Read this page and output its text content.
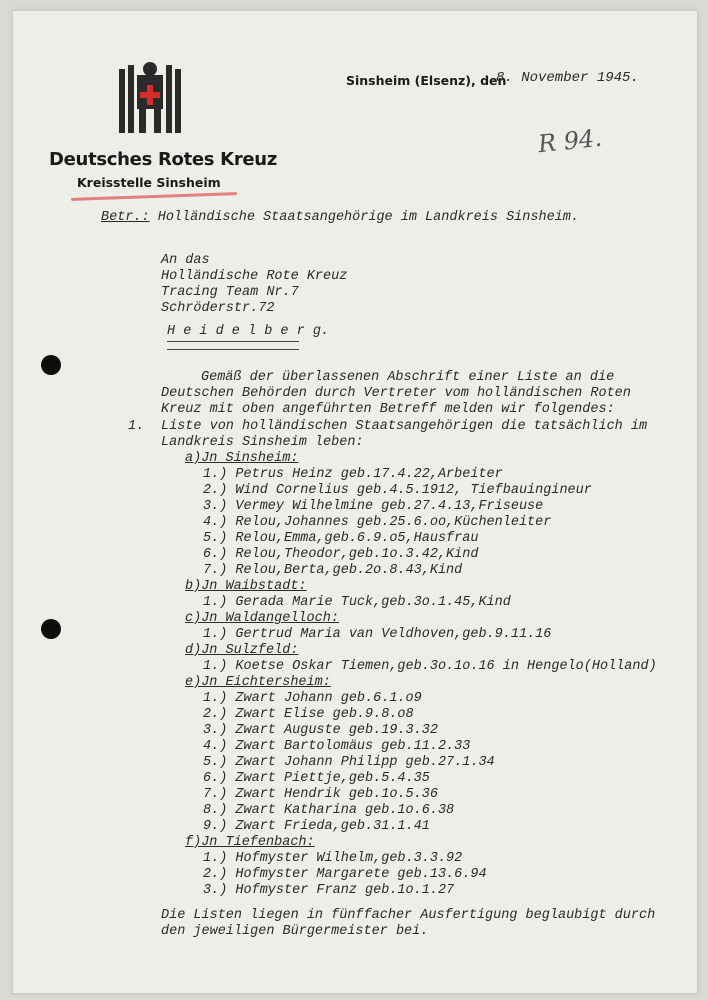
Deutsches Rotes Kreuz
Kreisstelle Sinsheim
Sinsheim (Elsenz), den
8. November 1945.
R 94.
Betr.: Holländische Staatsangehörige im Landkreis Sinsheim.
An das
Holländische Rote Kreuz
Tracing Team Nr.7
Schröderstr.72
H e i d e l b e r g.
Gemäß der überlassenen Abschrift einer Liste an die
Deutschen Behörden durch Vertreter vom holländischen Roten
Kreuz mit oben angeführten Betreff melden wir folgendes:
1. Liste von holländischen Staatsangehörigen die tatsächlich im
Landkreis Sinsheim leben:
a)Jn Sinsheim:
1.) Petrus Heinz geb.17.4.22,Arbeiter
2.) Wind Cornelius geb.4.5.1912, Tiefbauingineur
3.) Vermey Wilhelmine geb.27.4.13,Friseuse
4.) Relou,Johannes geb.25.6.oo,Küchenleiter
5.) Relou,Emma,geb.6.9.o5,Hausfrau
6.) Relou,Theodor,geb.1o.3.42,Kind
7.) Relou,Berta,geb.2o.8.43,Kind
b)Jn Waibstadt:
1.) Gerada Marie Tuck,geb.3o.1.45,Kind
c)Jn Waldangelloch:
1.) Gertrud Maria van Veldhoven,geb.9.11.16
d)Jn Sulzfeld:
1.) Koetse Oskar Tiemen,geb.3o.1o.16 in Hengelo(Holland)
e)Jn Eichtersheim:
1.) Zwart Johann geb.6.1.o9
2.) Zwart Elise geb.9.8.o8
3.) Zwart Auguste geb.19.3.32
4.) Zwart Bartolomäus geb.11.2.33
5.) Zwart Johann Philipp geb.27.1.34
6.) Zwart Piettje,geb.5.4.35
7.) Zwart Hendrik geb.1o.5.36
8.) Zwart Katharina geb.1o.6.38
9.) Zwart Frieda,geb.31.1.41
f)Jn Tiefenbach:
1.) Hofmyster Wilhelm,geb.3.3.92
2.) Hofmyster Margarete geb.13.6.94
3.) Hofmyster Franz geb.1o.1.27
Die Listen liegen in fünffacher Ausfertigung beglaubigt durch
den jeweiligen Bürgermeister bei.
